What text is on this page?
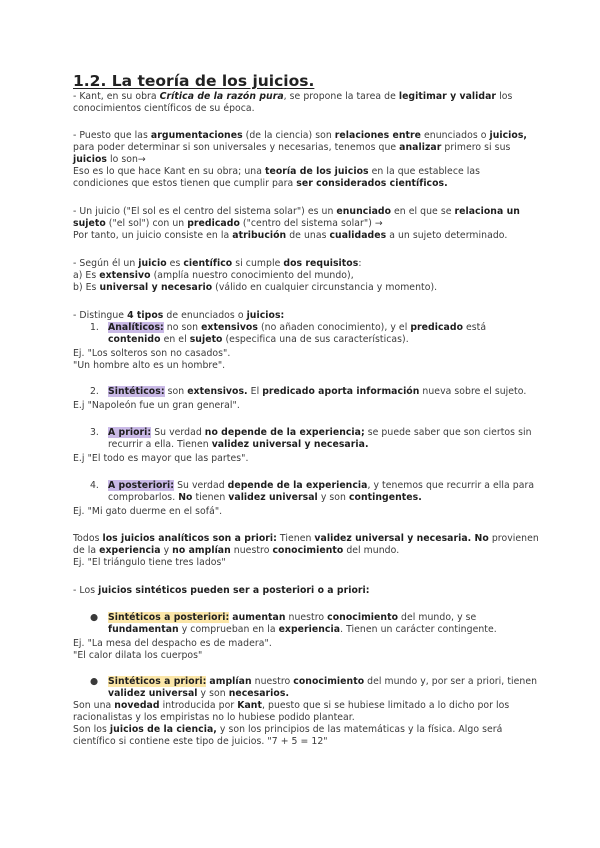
1.2. La teoría de los juicios.
- Kant, en su obra Crítica de la razón pura, se propone la tarea de legitimar y validar los
conocimientos científicos de su época.
- Puesto que las argumentaciones (de la ciencia) son relaciones entre enunciados o juicios,
para poder determinar si son universales y necesarias, tenemos que analizar primero si sus
juicios lo son→
Eso es lo que hace Kant en su obra; una teoría de los juicios en la que establece las
condiciones que estos tienen que cumplir para ser considerados científicos.
- Un juicio ("El sol es el centro del sistema solar") es un enunciado en el que se relaciona un
sujeto ("el sol") con un predicado ("centro del sistema solar") →
Por tanto, un juicio consiste en la atribución de unas cualidades a un sujeto determinado.
- Según él un juicio es científico si cumple dos requisitos:
a) Es extensivo (amplía nuestro conocimiento del mundo),
b) Es universal y necesario (válido en cualquier circunstancia y momento).
- Distingue 4 tipos de enunciados o juicios:
1. Analíticos: no son extensivos (no añaden conocimiento), y el predicado está
contenido en el sujeto (especifica una de sus características).
Ej. "Los solteros son no casados".
"Un hombre alto es un hombre".
2. Sintéticos: son extensivos. El predicado aporta información nueva sobre el sujeto.
E.j "Napoleón fue un gran general".
3. A priori: Su verdad no depende de la experiencia; se puede saber que son ciertos sin
recurrir a ella. Tienen validez universal y necesaria.
E.j "El todo es mayor que las partes".
4. A posteriori: Su verdad depende de la experiencia, y tenemos que recurrir a ella para
comprobarlos. No tienen validez universal y son contingentes.
Ej. "Mi gato duerme en el sofá".
Todos los juicios analíticos son a priori: Tienen validez universal y necesaria. No provienen
de la experiencia y no amplían nuestro conocimiento del mundo.
Ej. "El triángulo tiene tres lados"
- Los juicios sintéticos pueden ser a posteriori o a priori:
● Sintéticos a posteriori: aumentan nuestro conocimiento del mundo, y se
fundamentan y comprueban en la experiencia. Tienen un carácter contingente.
Ej. "La mesa del despacho es de madera".
"El calor dilata los cuerpos"
● Sintéticos a priori: amplían nuestro conocimiento del mundo y, por ser a priori, tienen
validez universal y son necesarios.
Son una novedad introducida por Kant, puesto que si se hubiese limitado a lo dicho por los
racionalistas y los empiristas no lo hubiese podido plantear.
Son los juicios de la ciencia, y son los principios de las matemáticas y la física. Algo será
científico si contiene este tipo de juicios. "7 + 5 = 12"
